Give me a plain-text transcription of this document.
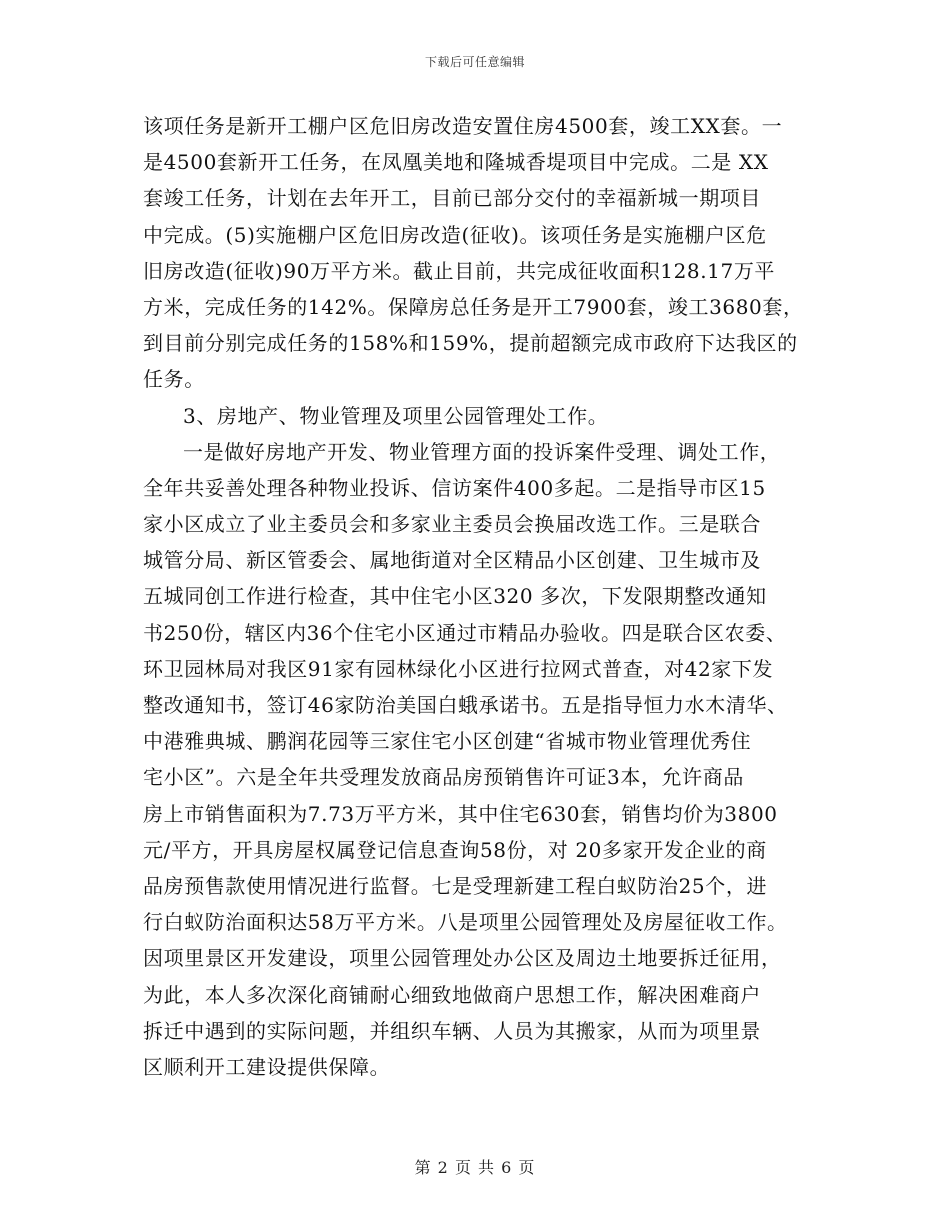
下载后可任意编辑
该项任务是新开工棚户区危旧房改造安置住房4500套，竣工XX套。一
是4500套新开工任务，在凤凰美地和隆城香堤项目中完成。二是 XX
套竣工任务，计划在去年开工，目前已部分交付的幸福新城一期项目
中完成。(5)实施棚户区危旧房改造(征收)。该项任务是实施棚户区危
旧房改造(征收)90万平方米。截止目前，共完成征收面积128.17万平
方米，完成任务的142%。保障房总任务是开工7900套，竣工3680套，
到目前分别完成任务的158%和159%，提前超额完成市政府下达我区的
任务。
3、房地产、物业管理及项里公园管理处工作。
一是做好房地产开发、物业管理方面的投诉案件受理、调处工作，
全年共妥善处理各种物业投诉、信访案件400多起。二是指导市区15
家小区成立了业主委员会和多家业主委员会换届改选工作。三是联合
城管分局、新区管委会、属地街道对全区精品小区创建、卫生城市及
五城同创工作进行检查，其中住宅小区320 多次，下发限期整改通知
书250份，辖区内36个住宅小区通过市精品办验收。四是联合区农委、
环卫园林局对我区91家有园林绿化小区进行拉网式普查，对42家下发
整改通知书，签订46家防治美国白蛾承诺书。五是指导恒力水木清华、
中港雅典城、鹏润花园等三家住宅小区创建“省城市物业管理优秀住
宅小区”。六是全年共受理发放商品房预销售许可证3本，允许商品
房上市销售面积为7.73万平方米，其中住宅630套，销售均价为3800
元/平方，开具房屋权属登记信息查询58份，对 20多家开发企业的商
品房预售款使用情况进行监督。七是受理新建工程白蚁防治25个，进
行白蚁防治面积达58万平方米。八是项里公园管理处及房屋征收工作。
因项里景区开发建设，项里公园管理处办公区及周边土地要拆迁征用，
为此，本人多次深化商铺耐心细致地做商户思想工作，解决困难商户
拆迁中遇到的实际问题，并组织车辆、人员为其搬家，从而为项里景
区顺利开工建设提供保障。
第 2 页 共 6 页
